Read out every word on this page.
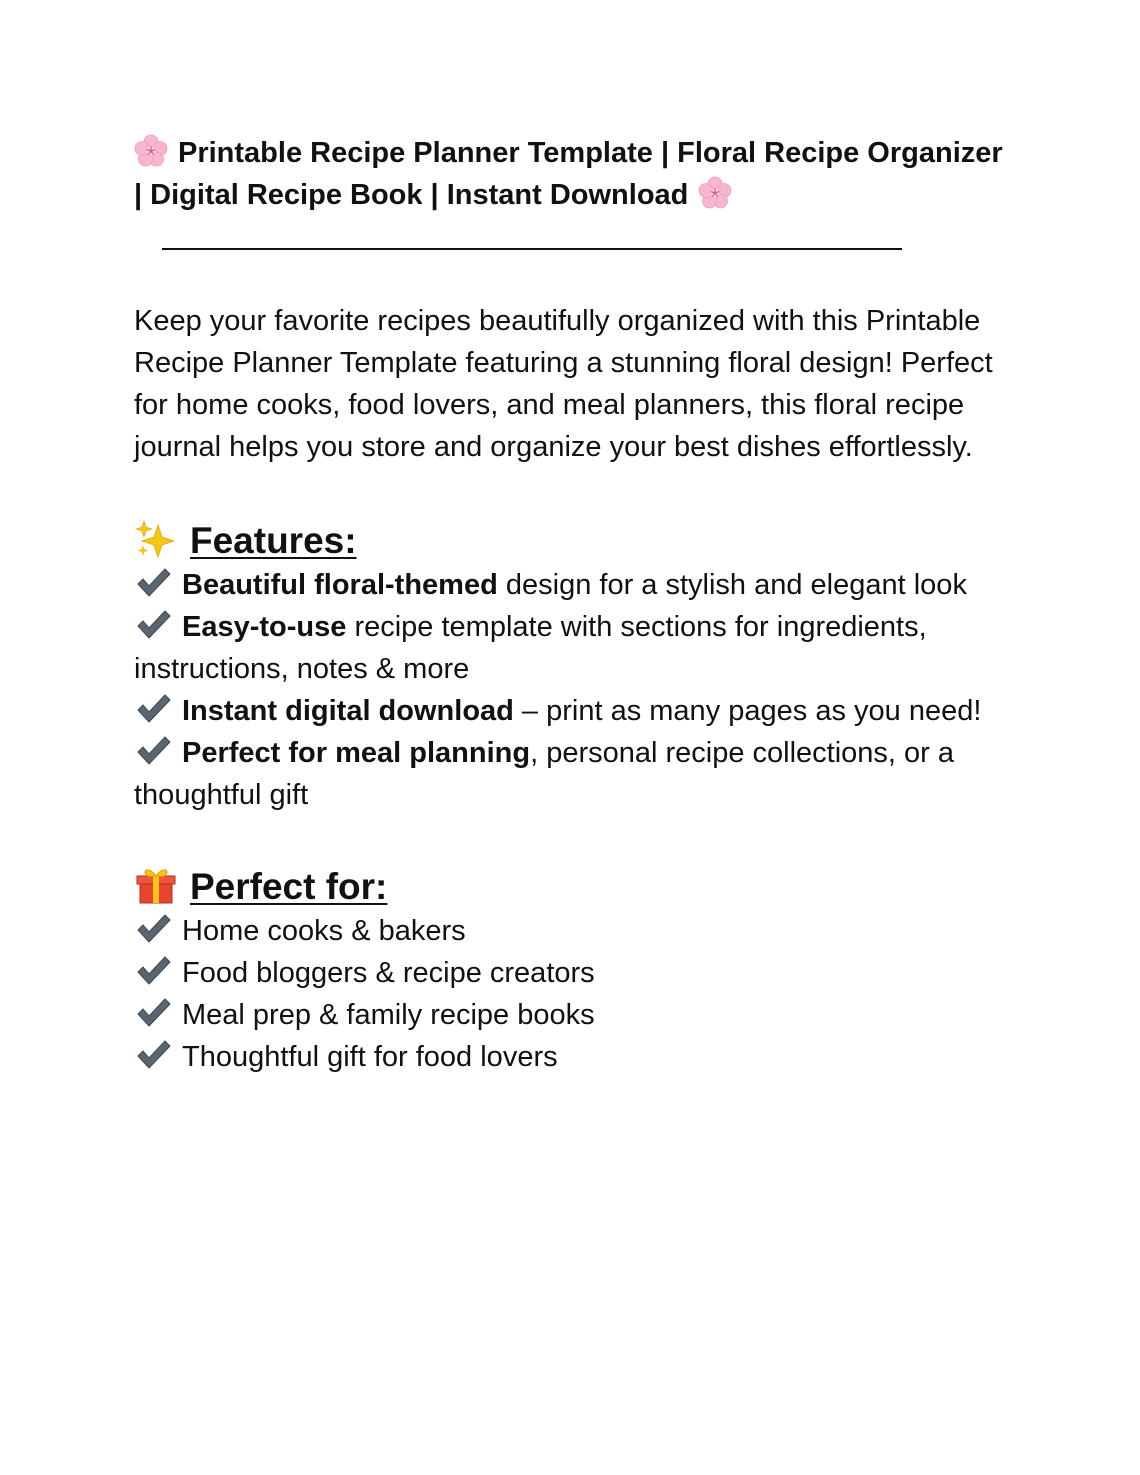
Printable Recipe Planner Template | Floral Recipe Organizer | Digital Recipe Book | Instant Download

Keep your favorite recipes beautifully organized with this Printable Recipe Planner Template featuring a stunning floral design! Perfect for home cooks, food lovers, and meal planners, this floral recipe journal helps you store and organize your best dishes effortlessly.

Features:
Beautiful floral-themed design for a stylish and elegant look
Easy-to-use recipe template with sections for ingredients, instructions, notes & more
Instant digital download – print as many pages as you need!
Perfect for meal planning, personal recipe collections, or a thoughtful gift
Perfect for:
Home cooks & bakers
Food bloggers & recipe creators
Meal prep & family recipe books
Thoughtful gift for food lovers
